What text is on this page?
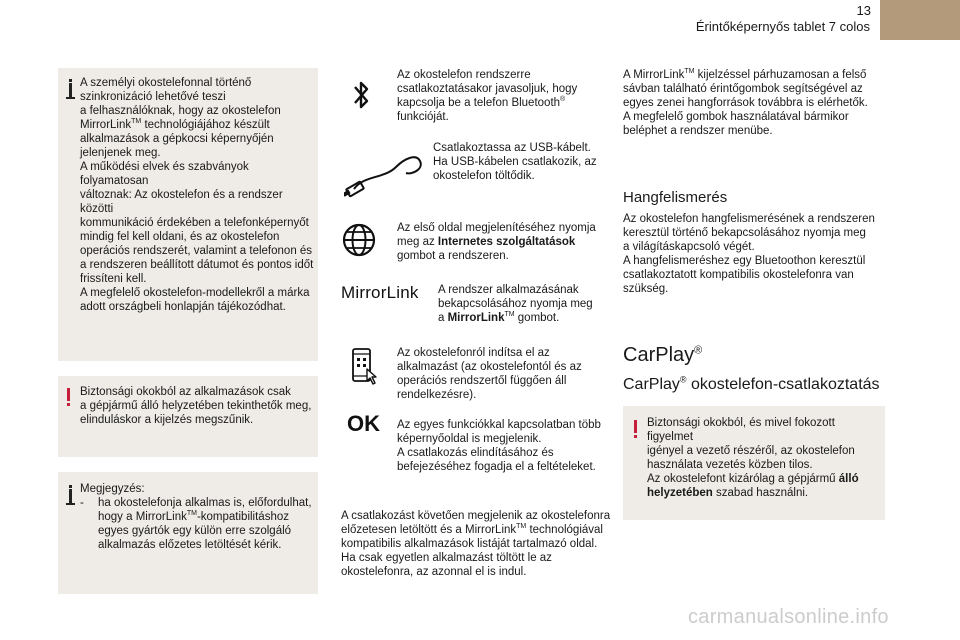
13
Érintőképernyős tablet 7 colos

A személyi okostelefonnal történő

szinkronizáció lehetővé teszi

a felhasználóknak, hogy az okostelefon

MirrorLink™ technológiájához készült

alkalmazások a gépkocsi képernyőjén

jelenjenek meg.

A működési elvek és szabványok folyamatosan

változnak: Az okostelefon és a rendszer közötti

kommunikáció érdekében a telefonképernyőt

mindig fel kell oldani, és az okostelefon

operációs rendszerét, valamint a telefonon és

a rendszeren beállított dátumot és pontos időt

frissíteni kell.

A megfelelő okostelefon-modellekről a márka

adott országbeli honlapján tájékozódhat.

Biztonsági okokból az alkalmazások csak

a gépjármű álló helyzetében tekinthetők meg,

elinduláskor a kijelzés megszűnik.

Megjegyzés:

- ha okostelefonja alkalmas is, előfordulhat,

hogy a MirrorLink™-kompatibilitáshoz

egyes gyártók egy külön erre szolgáló

alkalmazás előzetes letöltését kérik.

Az okostelefon rendszerre

csatlakoztatásakor javasoljuk, hogy

kapcsolja be a telefon Bluetooth®

funkcióját.

Csatlakoztassa az USB-kábelt.

Ha USB-kábelen csatlakozik, az

okostelefon töltődik.

Az első oldal megjelenítéséhez nyomja

meg az Internetes szolgáltatások

gombot a rendszeren.

MirrorLink A rendszer alkalmazásának

bekapcsolásához nyomja meg

a MirrorLink™ gombot.

Az okostelefonról indítsa el az

alkalmazást (az okostelefontól és az

operációs rendszertől függően áll

rendelkezésre).

OK Az egyes funkciókkal kapcsolatban több

képernyőoldal is megjelenik.

A csatlakozás elindításához és

befejezéséhez fogadja el a feltételeket.

A csatlakozást követően megjelenik az okostelefonra

előzetesen letöltött és a MirrorLink™ technológiával

kompatibilis alkalmazások listáját tartalmazó oldal.

Ha csak egyetlen alkalmazást töltött le az

okostelefonra, az azonnal el is indul.

A MirrorLink™ kijelzéssel párhuzamosan a felső

sávban található érintőgombok segítségével az

egyes zenei hangforrások továbbra is elérhetők.

A megfelelő gombok használatával bármikor

beléphet a rendszer menübe.

Hangfelismerés

Az okostelefon hangfelismerésének a rendszeren

keresztül történő bekapcsolásához nyomja meg

a világításkapcsoló végét.

A hangfelismeréshez egy Bluetoothon keresztül

csatlakoztatott kompatibilis okostelefonra van

szükség.

CarPlay®
CarPlay® okostelefon-csatlakoztatás

Biztonsági okokból, és mivel fokozott figyelmet

igényel a vezető részéről, az okostelefon

használata vezetés közben tilos.

Az okostelefont kizárólag a gépjármű álló

helyzetében szabad használni.

carmanualsonline.info
